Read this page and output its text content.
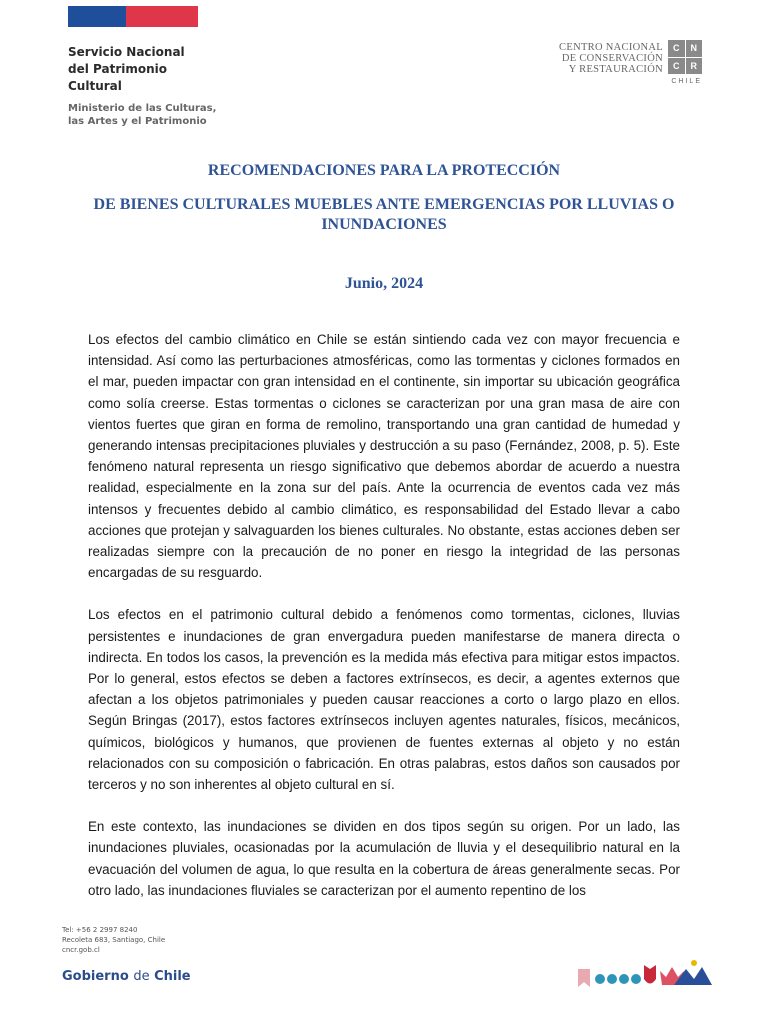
Servicio Nacional
del Patrimonio
Cultural
Ministerio de las Culturas,
las Artes y el Patrimonio
CENTRO NACIONAL
DE CONSERVACIÓN
Y RESTAURACIÓN
C	N
C	R
CHILE
RECOMENDACIONES PARA LA PROTECCIÓN
DE BIENES CULTURALES MUEBLES ANTE EMERGENCIAS POR LLUVIAS O INUNDACIONES
Junio, 2024

Los efectos del cambio climático en Chile se están sintiendo cada vez con mayor frecuencia e intensidad. Así como las perturbaciones atmosféricas, como las tormentas y ciclones formados en el mar, pueden impactar con gran intensidad en el continente, sin importar su ubicación geográfica como solía creerse. Estas tormentas o ciclones se caracterizan por una gran masa de aire con vientos fuertes que giran en forma de remolino, transportando una gran cantidad de humedad y generando intensas precipitaciones pluviales y destrucción a su paso (Fernández, 2008, p. 5). Este fenómeno natural representa un riesgo significativo que debemos abordar de acuerdo a nuestra realidad, especialmente en la zona sur del país. Ante la ocurrencia de eventos cada vez más intensos y frecuentes debido al cambio climático, es responsabilidad del Estado llevar a cabo acciones que protejan y salvaguarden los bienes culturales. No obstante, estas acciones deben ser realizadas siempre con la precaución de no poner en riesgo la integridad de las personas encargadas de su resguardo.

Los efectos en el patrimonio cultural debido a fenómenos como tormentas, ciclones, lluvias persistentes e inundaciones de gran envergadura pueden manifestarse de manera directa o indirecta. En todos los casos, la prevención es la medida más efectiva para mitigar estos impactos. Por lo general, estos efectos se deben a factores extrínsecos, es decir, a agentes externos que afectan a los objetos patrimoniales y pueden causar reacciones a corto o largo plazo en ellos. Según Bringas (2017), estos factores extrínsecos incluyen agentes naturales, físicos, mecánicos, químicos, biológicos y humanos, que provienen de fuentes externas al objeto y no están relacionados con su composición o fabricación. En otras palabras, estos daños son causados por terceros y no son inherentes al objeto cultural en sí.

En este contexto, las inundaciones se dividen en dos tipos según su origen. Por un lado, las inundaciones pluviales, ocasionadas por la acumulación de lluvia y el desequilibrio natural en la evacuación del volumen de agua, lo que resulta en la cobertura de áreas generalmente secas. Por otro lado, las inundaciones fluviales se caracterizan por el aumento repentino de los

Tel: +56 2 2997 8240
Recoleta 683, Santiago, Chile
cncr.gob.cl
Gobierno de Chile
